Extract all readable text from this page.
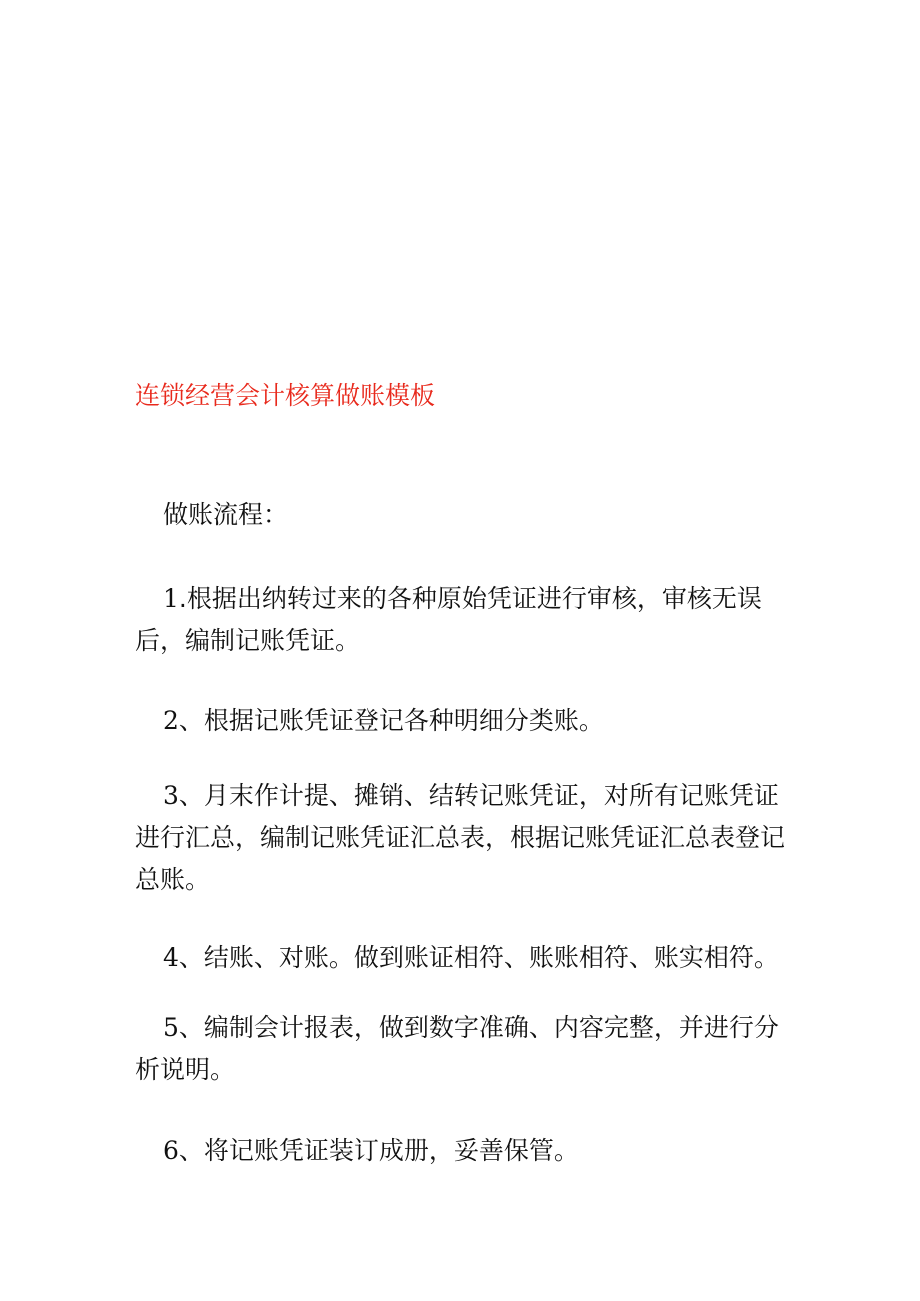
连锁经营会计核算做账模板

做账流程：

1.根据出纳转过来的各种原始凭证进行审核，审核无误后，编制记账凭证。

2、根据记账凭证登记各种明细分类账。

3、月末作计提、摊销、结转记账凭证，对所有记账凭证进行汇总，编制记账凭证汇总表，根据记账凭证汇总表登记总账。

4、结账、对账。做到账证相符、账账相符、账实相符。

5、编制会计报表，做到数字准确、内容完整，并进行分析说明。

6、将记账凭证装订成册，妥善保管。
